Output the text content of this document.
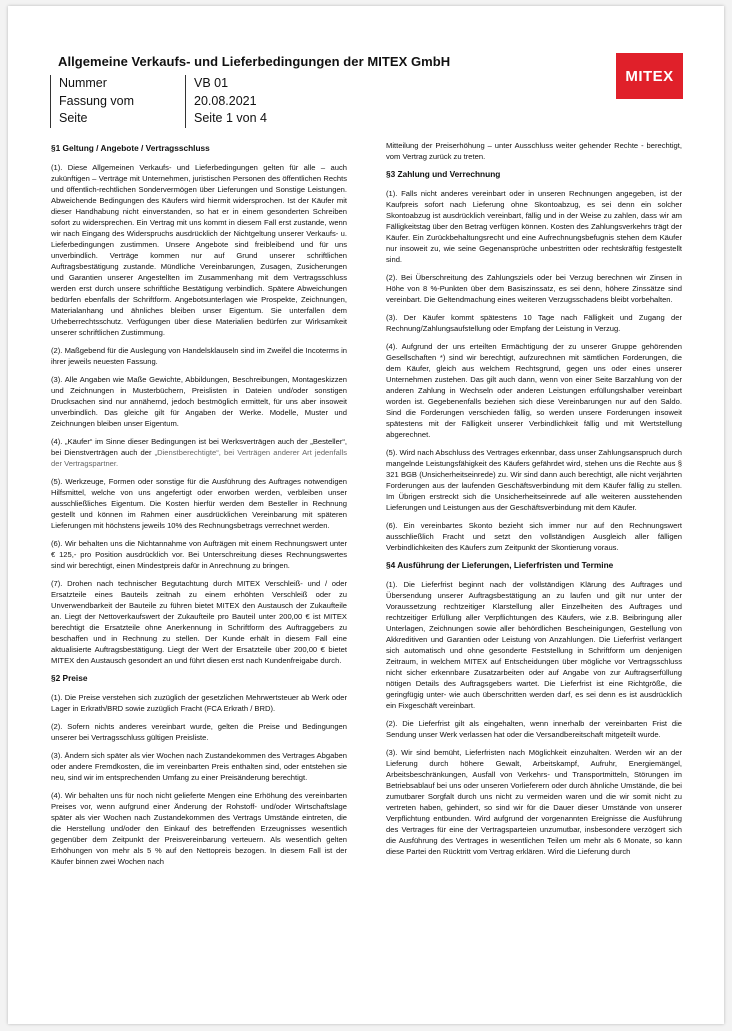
Allgemeine Verkaufs- und Lieferbedingungen der MITEX GmbH
MITEX
Nummer	VB 01
Fassung vom	20.08.2021
Seite	Seite 1 von 4
§1 Geltung / Angebote / Vertragsschluss

(1). Diese Allgemeinen Verkaufs- und Lieferbedingungen gelten für alle – auch zukünftigen – Verträge mit Unternehmen, juristischen Personen des öffentlichen Rechts und öffentlich-rechtlichen Sondervermögen über Lieferungen und Sonstige Leistungen. Abweichende Bedingungen des Käufers wird hiermit widersprochen. Ist der Käufer mit dieser Handhabung nicht einverstanden, so hat er in einem gesonderten Schreiben sofort zu widersprechen. Ein Vertrag mit uns kommt in diesem Fall erst zustande, wenn wir nach Eingang des Widerspruchs ausdrücklich der Nichtgeltung unserer Verkaufs- u. Lieferbedingungen zustimmen. Unsere Angebote sind freibleibend und für uns unverbindlich. Verträge kommen nur auf Grund unserer schriftlichen Auftragsbestätigung zustande. Mündliche Vereinbarungen, Zusagen, Zusicherungen und Garantien unserer Angestellten im Zusammenhang mit dem Vertragsschluss werden erst durch unsere schriftliche Bestätigung verbindlich. Spätere Abweichungen bedürfen ebenfalls der Schriftform. Angebotsunterlagen wie Prospekte, Zeichnungen, Materialanhang und ähnliches bleiben unser Eigentum. Sie unterfallen dem Urheberrechtsschutz. Verfügungen über diese Materialien bedürfen zur Wirksamkeit unserer schriftlichen Zustimmung.

(2). Maßgebend für die Auslegung von Handelsklauseln sind im Zweifel die Incoterms in ihrer jeweils neuesten Fassung.

(3). Alle Angaben wie Maße Gewichte, Abbildungen, Beschreibungen, Montageskizzen und Zeichnungen in Musterbüchern, Preislisten in Dateien und/oder sonstigen Drucksachen sind nur annähernd, jedoch bestmöglich ermittelt, für uns aber insoweit unverbindlich. Das gleiche gilt für Angaben der Werke. Modelle, Muster und Zeichnungen bleiben unser Eigentum.

(4). „Käufer“ im Sinne dieser Bedingungen ist bei Werksverträgen auch der „Besteller“, bei Dienstverträgen auch der „Dienstberechtigte“, bei Verträgen anderer Art jedenfalls der Vertragspartner.

(5). Werkzeuge, Formen oder sonstige für die Ausführung des Auftrages notwendigen Hilfsmittel, welche von uns angefertigt oder erworben werden, verbleiben unser ausschließliches Eigentum. Die Kosten hierfür werden dem Besteller in Rechnung gestellt und können im Rahmen einer ausdrücklichen Vereinbarung mit späteren Lieferungen mit höchstens jeweils 10% des Rechnungsbetrags verrechnet werden.

(6). Wir behalten uns die Nichtannahme von Aufträgen mit einem Rechnungswert unter € 125,- pro Position ausdrücklich vor. Bei Unterschreitung dieses Rechnungswertes sind wir berechtigt, einen Mindestpreis dafür in Anrechnung zu bringen.

(7). Drohen nach technischer Begutachtung durch MITEX Verschleiß- und / oder Ersatzteile eines Bauteils zeitnah zu einem erhöhten Verschleiß oder zu Unverwendbarkeit der Bauteile zu führen bietet MITEX den Austausch der Zukaufteile an. Liegt der Nettoverkaufswert der Zukaufteile pro Bauteil unter 200,00 € ist MITEX berechtigt die Ersatzteile ohne Anerkennung in Schriftform des Auftraggebers zu beschaffen und in Rechnung zu stellen. Der Kunde erhält in diesem Fall eine aktualisierte Auftragsbestätigung. Liegt der Wert der Ersatzteile über 200,00 € bietet MITEX den Austausch gesondert an und führt diesen erst nach Kundenfreigabe durch.

§2 Preise

(1). Die Preise verstehen sich zuzüglich der gesetzlichen Mehrwertsteuer ab Werk oder Lager in Erkrath/BRD sowie zuzüglich Fracht (FCA Erkrath / BRD).

(2). Sofern nichts anderes vereinbart wurde, gelten die Preise und Bedingungen unserer bei Vertragsschluss gültigen Preisliste.

(3). Ändern sich später als vier Wochen nach Zustandekommen des Vertrages Abgaben oder andere Fremdkosten, die im vereinbarten Preis enthalten sind, oder entstehen sie neu, sind wir im entsprechenden Umfang zu einer Preisänderung berechtigt.

(4). Wir behalten uns für noch nicht gelieferte Mengen eine Erhöhung des vereinbarten Preises vor, wenn aufgrund einer Änderung der Rohstoff- und/oder Wirtschaftslage später als vier Wochen nach Zustandekommen des Vertrags Umstände eintreten, die die Herstellung und/oder den Einkauf des betreffenden Erzeugnisses wesentlich gegenüber dem Zeitpunkt der Preisvereinbarung verteuern. Als wesentlich gelten Erhöhungen von mehr als 5 % auf den Nettopreis bezogen. In diesem Fall ist der Käufer binnen zwei Wochen nach

Mitteilung der Preiserhöhung – unter Ausschluss weiter gehender Rechte - berechtigt, vom Vertrag zurück zu treten.

§3 Zahlung und Verrechnung

(1). Falls nicht anderes vereinbart oder in unseren Rechnungen angegeben, ist der Kaufpreis sofort nach Lieferung ohne Skontoabzug, es sei denn ein solcher Skontoabzug ist ausdrücklich vereinbart, fällig und in der Weise zu zahlen, dass wir am Fälligkeitstag über den Betrag verfügen können. Kosten des Zahlungsverkehrs trägt der Käufer. Ein Zurückbehaltungsrecht und eine Aufrechnungsbefugnis stehen dem Käufer nur insoweit zu, wie seine Gegenansprüche unbestritten oder rechtskräftig festgestellt sind.

(2). Bei Überschreitung des Zahlungsziels oder bei Verzug berechnen wir Zinsen in Höhe von 8 %-Punkten über dem Basiszinssatz, es sei denn, höhere Zinssätze sind vereinbart. Die Geltendmachung eines weiteren Verzugsschadens bleibt vorbehalten.

(3). Der Käufer kommt spätestens 10 Tage nach Fälligkeit und Zugang der Rechnung/Zahlungsaufstellung oder Empfang der Leistung in Verzug.

(4). Aufgrund der uns erteilten Ermächtigung der zu unserer Gruppe gehörenden Gesellschaften *) sind wir berechtigt, aufzurechnen mit sämtlichen Forderungen, die dem Käufer, gleich aus welchem Rechtsgrund, gegen uns oder eines unserer Unternehmen zustehen. Das gilt auch dann, wenn von einer Seite Barzahlung von der anderen Zahlung in Wechseln oder anderen Leistungen erfüllungshalber vereinbart worden ist. Gegebenenfalls beziehen sich diese Vereinbarungen nur auf den Saldo. Sind die Forderungen verschieden fällig, so werden unsere Forderungen insoweit spätestens mit der Fälligkeit unserer Verbindlichkeit fällig und mit Wertstellung abgerechnet.

(5). Wird nach Abschluss des Vertrages erkennbar, dass unser Zahlungsanspruch durch mangelnde Leistungsfähigkeit des Käufers gefährdet wird, stehen uns die Rechte aus § 321 BGB (Unsicherheitseinrede) zu. Wir sind dann auch berechtigt, alle nicht verjährten Forderungen aus der laufenden Geschäftsverbindung mit dem Käufer fällig zu stellen. Im Übrigen erstreckt sich die Unsicherheitseinrede auf alle weiteren ausstehenden Lieferungen und Leistungen aus der Geschäftsverbindung mit dem Käufer.

(6). Ein vereinbartes Skonto bezieht sich immer nur auf den Rechnungswert ausschließlich Fracht und setzt den vollständigen Ausgleich aller fälligen Verbindlichkeiten des Käufers zum Zeitpunkt der Skontierung voraus.

§4 Ausführung der Lieferungen, Lieferfristen und Termine

(1). Die Lieferfrist beginnt nach der vollständigen Klärung des Auftrages und Übersendung unserer Auftragsbestätigung an zu laufen und gilt nur unter der Voraussetzung rechtzeitiger Klarstellung aller Einzelheiten des Auftrages und rechtzeitiger Erfüllung aller Verpflichtungen des Käufers, wie z.B. Beibringung aller Unterlagen, Zeichnungen sowie aller behördlichen Bescheinigungen, Gestellung von Akkreditiven und Garantien oder Leistung von Anzahlungen. Die Lieferfrist verlängert sich automatisch und ohne gesonderte Feststellung in Schriftform um denjenigen Zeitraum, in welchem MITEX auf Entscheidungen über mögliche vor Vertragsschluss nicht sicher erkennbare Zusatzarbeiten oder auf Angabe von zur Auftragserfüllung nötigen Details des Auftragsgebers wartet. Die Lieferfrist ist eine Richtgröße, die geringfügig unter- wie auch überschritten werden darf, es sei denn es ist ausdrücklich ein Fixgeschäft vereinbart.

(2). Die Lieferfrist gilt als eingehalten, wenn innerhalb der vereinbarten Frist die Sendung unser Werk verlassen hat oder die Versandbereitschaft mitgeteilt wurde.

(3). Wir sind bemüht, Lieferfristen nach Möglichkeit einzuhalten. Werden wir an der Lieferung durch höhere Gewalt, Arbeitskampf, Aufruhr, Energiemängel, Arbeitsbeschränkungen, Ausfall von Verkehrs- und Transportmitteln, Störungen im Betriebsablauf bei uns oder unseren Vorlieferern oder durch ähnliche Umstände, die bei zumutbarer Sorgfalt durch uns nicht zu vermeiden waren und die wir somit nicht zu vertreten haben, gehindert, so sind wir für die Dauer dieser Umstände von unserer Verpflichtung entbunden. Wird aufgrund der vorgenannten Ereignisse die Ausführung des Vertrages für eine der Vertragsparteien unzumutbar, insbesondere verzögert sich die Ausführung des Vertrages in wesentlichen Teilen um mehr als 6 Monate, so kann diese Partei den Rücktritt vom Vertrag erklären. Wird die Lieferung durch
